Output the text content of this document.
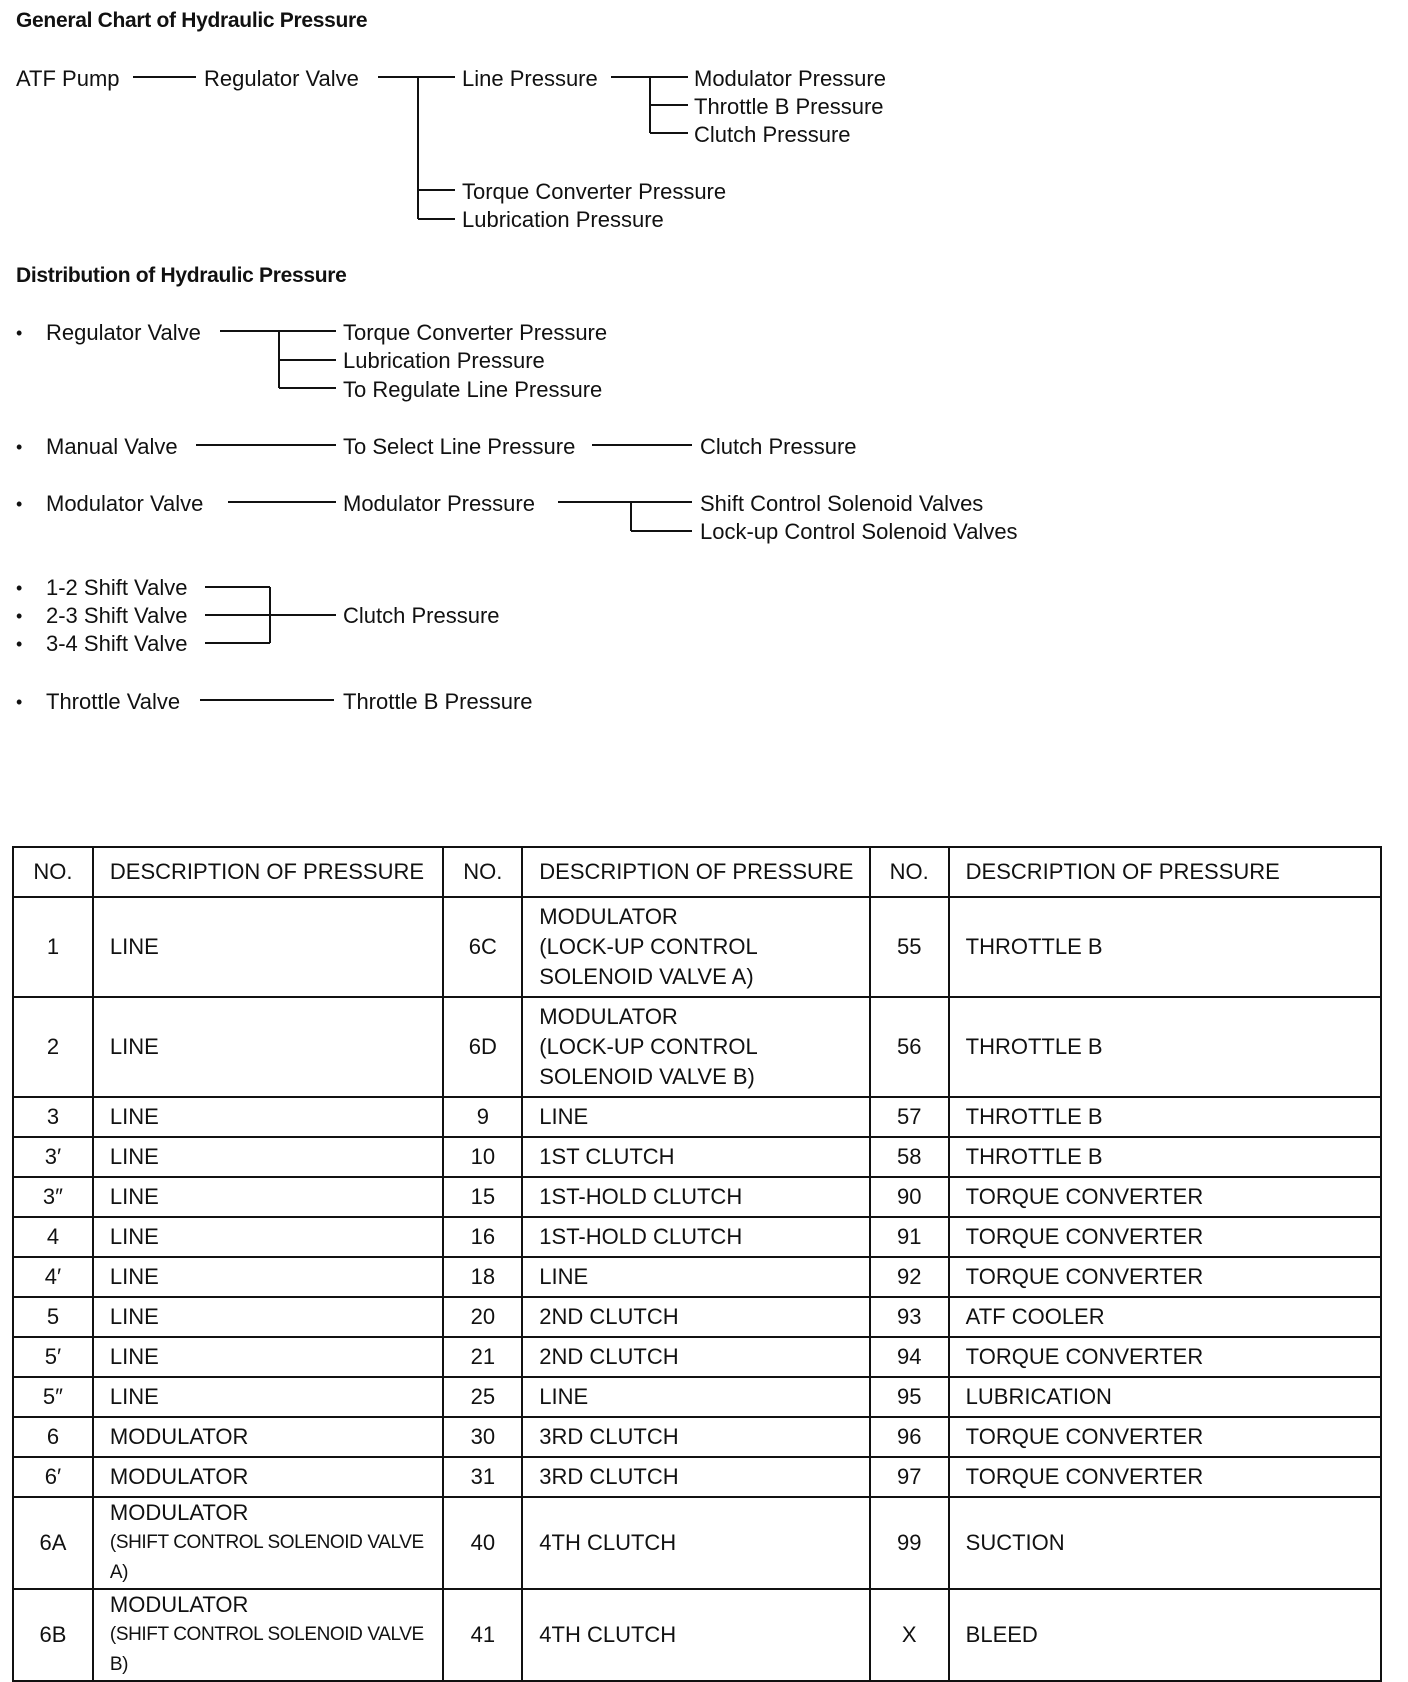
General Chart of Hydraulic Pressure
ATF Pump	Regulator Valve	Line Pressure	Modulator Pressure
Throttle B Pressure
Clutch Pressure
Torque Converter Pressure
Lubrication Pressure
Distribution of Hydraulic Pressure
• Regulator Valve	Torque Converter Pressure
Lubrication Pressure
To Regulate Line Pressure
• Manual Valve	To Select Line Pressure	Clutch Pressure
• Modulator Valve	Modulator Pressure	Shift Control Solenoid Valves
Lock-up Control Solenoid Valves
•
•
•
1-2 Shift Valve
2-3 Shift Valve
3-4 Shift Valve
Clutch Pressure
• Throttle Valve	Throttle B Pressure
NO.	DESCRIPTION OF PRESSURE	NO.	DESCRIPTION OF PRESSURE	NO.	DESCRIPTION OF PRESSURE
1	LINE	6C	MODULATOR
(LOCK-UP CONTROL
SOLENOID VALVE A)	55	THROTTLE B
2	LINE	6D	MODULATOR
(LOCK-UP CONTROL
SOLENOID VALVE B)	56	THROTTLE B
3	LINE	9	LINE	57	THROTTLE B
3′	LINE	10	1ST CLUTCH	58	THROTTLE B
3″	LINE	15	1ST-HOLD CLUTCH	90	TORQUE CONVERTER
4	LINE	16	1ST-HOLD CLUTCH	91	TORQUE CONVERTER
4′	LINE	18	LINE	92	TORQUE CONVERTER
5	LINE	20	2ND CLUTCH	93	ATF COOLER
5′	LINE	21	2ND CLUTCH	94	TORQUE CONVERTER
5″	LINE	25	LINE	95	LUBRICATION
6	MODULATOR	30	3RD CLUTCH	96	TORQUE CONVERTER
6′	MODULATOR	31	3RD CLUTCH	97	TORQUE CONVERTER
6A	MODULATOR
(SHIFT CONTROL SOLENOID VALVE A)	40	4TH CLUTCH	99	SUCTION
6B	MODULATOR
(SHIFT CONTROL SOLENOID VALVE B)	41	4TH CLUTCH	X	BLEED
